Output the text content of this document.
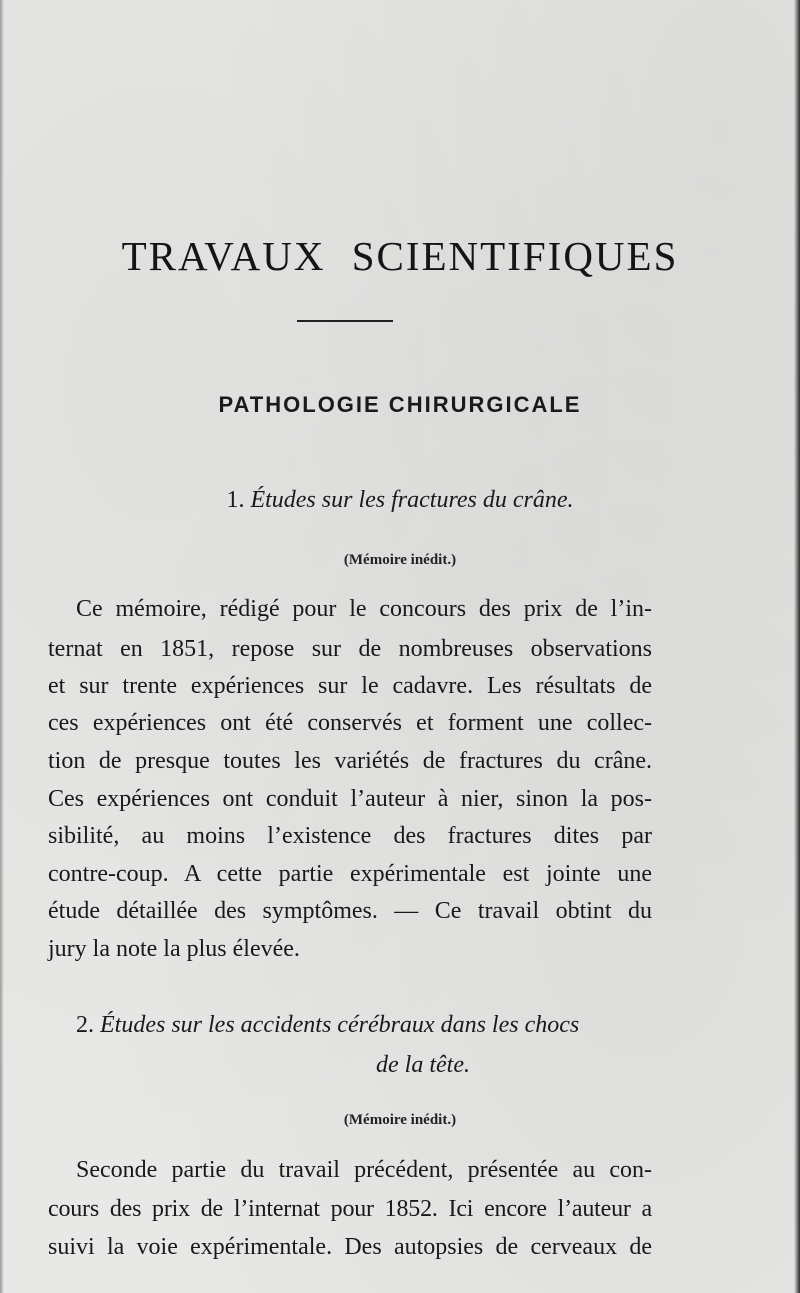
TRAVAUX SCIENTIFIQUES
PATHOLOGIE CHIRURGICALE

1. Études sur les fractures du crâne.

(Mémoire inédit.)

Ce mémoire, rédigé pour le concours des prix de l’in-
ternat en 1851, repose sur de nombreuses observations
et sur trente expériences sur le cadavre. Les résultats de
ces expériences ont été conservés et forment une collec-
tion de presque toutes les variétés de fractures du crâne.
Ces expériences ont conduit l’auteur à nier, sinon la pos-
sibilité, au moins l’existence des fractures dites par
contre-coup. A cette partie expérimentale est jointe une
étude détaillée des symptômes. — Ce travail obtint du
jury la note la plus élevée.

2. Études sur les accidents cérébraux dans les chocs

de la tête.

(Mémoire inédit.)

Seconde partie du travail précédent, présentée au con-
cours des prix de l’internat pour 1852. Ici encore l’auteur a
suivi la voie expérimentale. Des autopsies de cerveaux de
